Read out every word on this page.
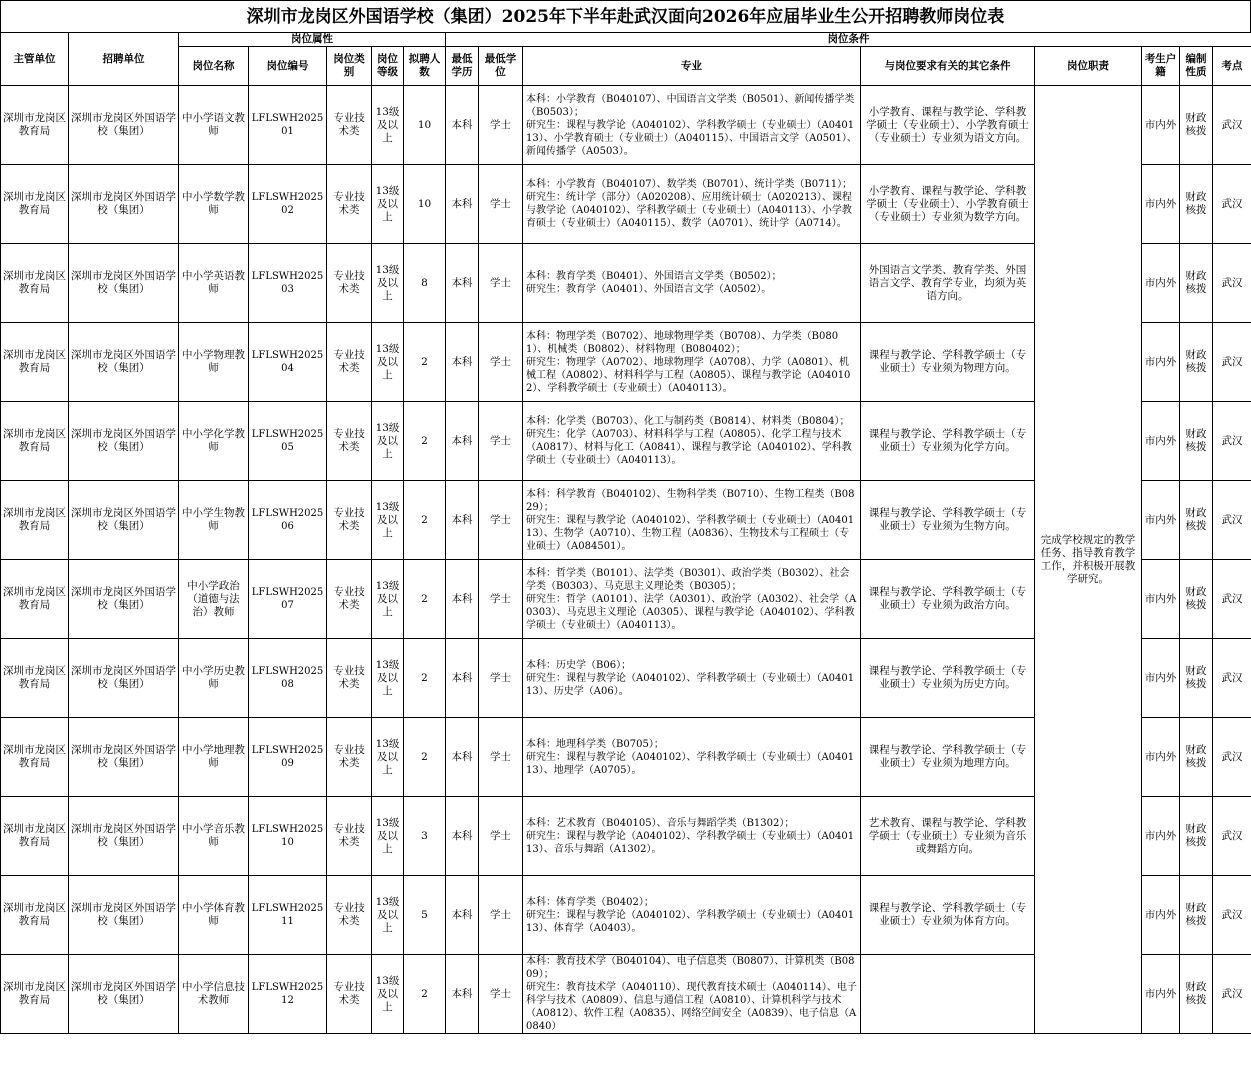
深圳市龙岗区外国语学校（集团）2025年下半年赴武汉面向2026年应届毕业生公开招聘教师岗位表
主管单位	招聘单位	岗位属性					岗位条件							
		岗位名称	岗位编号	岗位类别	岗位等级	拟聘人数	最低学历	最低学位	专业	与岗位要求有关的其它条件	岗位职责	考生户籍	编制性质	考点
深圳市龙岗区教育局	深圳市龙岗区外国语学校（集团）	中小学语文教师	LFLSWH202501	专业技术类	13级及以上	10	本科	学士	本科：小学教育（B040107）、中国语言文学类（B0501）、新闻传播学类（B0503）；
研究生：课程与教学论（A040102）、学科教学硕士（专业硕士）（A040113）、小学教育硕士（专业硕士）（A040115）、中国语言文学（A0501）、新闻传播学（A0503）。	小学教育、课程与教学论、学科教学硕士（专业硕士）、小学教育硕士（专业硕士）专业须为语文方向。	完成学校规定的教学任务、指导教育教学工作，并积极开展教学研究。	市内外	财政核拨	武汉
深圳市龙岗区教育局	深圳市龙岗区外国语学校（集团）	中小学数学教师	LFLSWH202502	专业技术类	13级及以上	10	本科	学士	本科：小学教育（B040107）、数学类（B0701）、统计学类（B0711）；
研究生：统计学（部分）（A020208）、应用统计硕士（A020213）、课程与教学论（A040102）、学科教学硕士（专业硕士）（A040113）、小学教育硕士（专业硕士）（A040115）、数学（A0701）、统计学（A0714）。	小学教育、课程与教学论、学科教学硕士（专业硕士）、小学教育硕士（专业硕士）专业须为数学方向。		市内外	财政核拨	武汉
深圳市龙岗区教育局	深圳市龙岗区外国语学校（集团）	中小学英语教师	LFLSWH202503	专业技术类	13级及以上	8	本科	学士	本科：教育学类（B0401）、外国语言文学类（B0502）；
研究生：教育学（A0401）、外国语言文学（A0502）。	外国语言文学类、教育学类、外国语言文学、教育学专业，均须为英语方向。		市内外	财政核拨	武汉
深圳市龙岗区教育局	深圳市龙岗区外国语学校（集团）	中小学物理教师	LFLSWH202504	专业技术类	13级及以上	2	本科	学士	本科：物理学类（B0702）、地球物理学类（B0708）、力学类（B0801）、机械类（B0802）、材料物理（B080402）；
研究生：物理学（A0702）、地球物理学（A0708）、力学（A0801）、机械工程（A0802）、材料科学与工程（A0805）、课程与教学论（A040102）、学科教学硕士（专业硕士）（A040113）。	课程与教学论、学科教学硕士（专业硕士）专业须为物理方向。		市内外	财政核拨	武汉
深圳市龙岗区教育局	深圳市龙岗区外国语学校（集团）	中小学化学教师	LFLSWH202505	专业技术类	13级及以上	2	本科	学士	本科：化学类（B0703）、化工与制药类（B0814）、材料类（B0804）；
研究生：化学（A0703）、材料科学与工程（A0805）、化学工程与技术（A0817）、材料与化工（A0841）、课程与教学论（A040102）、学科教学硕士（专业硕士）（A040113）。	课程与教学论、学科教学硕士（专业硕士）专业须为化学方向。		市内外	财政核拨	武汉
深圳市龙岗区教育局	深圳市龙岗区外国语学校（集团）	中小学生物教师	LFLSWH202506	专业技术类	13级及以上	2	本科	学士	本科：科学教育（B040102）、生物科学类（B0710）、生物工程类（B0829）；
研究生：课程与教学论（A040102）、学科教学硕士（专业硕士）（A040113）、生物学（A0710）、生物工程（A0836）、生物技术与工程硕士（专业硕士）（A084501）。	课程与教学论、学科教学硕士（专业硕士）专业须为生物方向。		市内外	财政核拨	武汉
深圳市龙岗区教育局	深圳市龙岗区外国语学校（集团）	中小学政治（道德与法治）教师	LFLSWH202507	专业技术类	13级及以上	2	本科	学士	本科：哲学类（B0101）、法学类（B0301）、政治学类（B0302）、社会学类（B0303）、马克思主义理论类（B0305）；
研究生：哲学（A0101）、法学（A0301）、政治学（A0302）、社会学（A0303）、马克思主义理论（A0305）、课程与教学论（A040102）、学科教学硕士（专业硕士）（A040113）。	课程与教学论、学科教学硕士（专业硕士）专业须为政治方向。		市内外	财政核拨	武汉
深圳市龙岗区教育局	深圳市龙岗区外国语学校（集团）	中小学历史教师	LFLSWH202508	专业技术类	13级及以上	2	本科	学士	本科：历史学（B06）；
研究生：课程与教学论（A040102）、学科教学硕士（专业硕士）（A040113）、历史学（A06）。	课程与教学论、学科教学硕士（专业硕士）专业须为历史方向。		市内外	财政核拨	武汉
深圳市龙岗区教育局	深圳市龙岗区外国语学校（集团）	中小学地理教师	LFLSWH202509	专业技术类	13级及以上	2	本科	学士	本科：地理科学类（B0705）；
研究生：课程与教学论（A040102）、学科教学硕士（专业硕士）（A040113）、地理学（A0705）。	课程与教学论、学科教学硕士（专业硕士）专业须为地理方向。		市内外	财政核拨	武汉
深圳市龙岗区教育局	深圳市龙岗区外国语学校（集团）	中小学音乐教师	LFLSWH202510	专业技术类	13级及以上	3	本科	学士	本科：艺术教育（B040105）、音乐与舞蹈学类（B1302）；
研究生：课程与教学论（A040102）、学科教学硕士（专业硕士）（A040113）、音乐与舞蹈（A1302）。	艺术教育、课程与教学论、学科教学硕士（专业硕士）专业须为音乐或舞蹈方向。		市内外	财政核拨	武汉
深圳市龙岗区教育局	深圳市龙岗区外国语学校（集团）	中小学体育教师	LFLSWH202511	专业技术类	13级及以上	5	本科	学士	本科：体育学类（B0402）；
研究生：课程与教学论（A040102）、学科教学硕士（专业硕士）（A040113）、体育学（A0403）。	课程与教学论、学科教学硕士（专业硕士）专业须为体育方向。		市内外	财政核拨	武汉
深圳市龙岗区教育局	深圳市龙岗区外国语学校（集团）	中小学信息技术教师	LFLSWH202512	专业技术类	13级及以上	2	本科	学士	本科：教育技术学（B040104）、电子信息类（B0807）、计算机类（B0809）；
研究生：教育技术学（A040110）、现代教育技术硕士（A040114）、电子科学与技术（A0809）、信息与通信工程（A0810）、计算机科学与技术（A0812）、软件工程（A0835）、网络空间安全（A0839）、电子信息（A0840）			市内外	财政核拨	武汉
